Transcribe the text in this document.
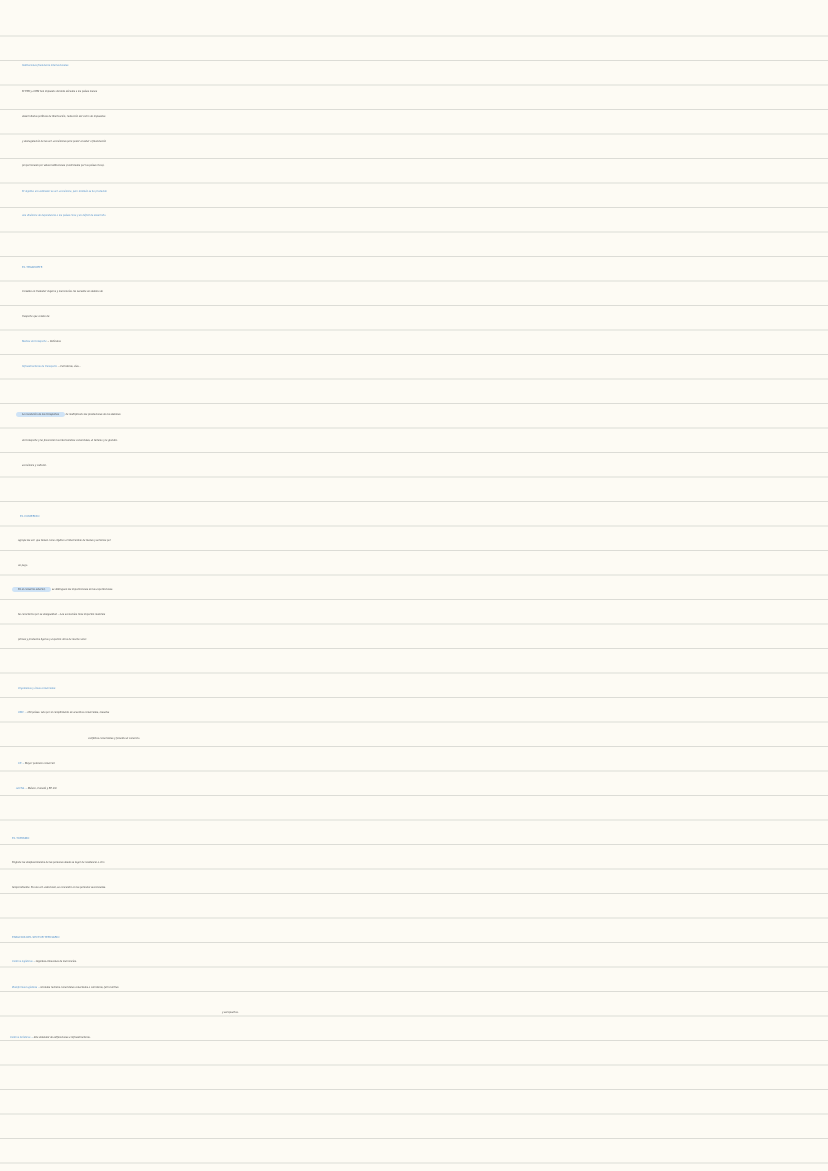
Instituciones financieras internacionales
El FMI y el BM han impuesto durante décadas a los países menos
desarrollados políticas de liberización, reducción del cobro de impuestos
y desregulación de las act. económicas para poder acceder a financiación
proporcionada por estas instituciones (controladas por los países ricos).
El objetivo era estimular su act. económica, pero también se ha producido
una dinámica de dependencia a los países ricos y un déficit de desarrollo.
EL TRASPORTE
Consiste en trasladar viajeros y mercancías. Se necesita un sistema de
trasporte que consta de:
Medios de transporte → Vehículos
Infraestructuras de transporte → Carreteras, vías...
La revolución de los transportes	ha multiplicado las prestaciones de los sistemas
de transporte y ha favorecido los intercambios comerciales, el turismo y la globaliz.
económica y cultural.
EL COMERCIO
Agrupa las act. que tienen como objetivo el intercambio de bienes y servicios por
un pago.
En el comercio exterior,	se distinguen las importaciones de las exportaciones.
Se caracteriza por su desigualdad → Las economías ricas importan materias
primas y productos ligeros y exportan otros de mucho valor.
Organismos y áreas comerciales:
OMC → 160 países. vela por el cumplimiento de acuerdos comerciales, resuelve
conflictos comerciales y fomenta el comercio.
UE → Mayor potencia comercial
ALCNA → México, Canadá y EE.UU.
EL TURISMO
Engloba los desplazamientos de las personas desde su lugar de residencia a otro
temporalmente. Es una act. estacional, se concentra en los periodos vacacionales.
ESPACIOS DEL SECTOR TERCIARIO
Centros logísticos → Gigantes almacenes de mercancías.
Plataformas logísticas → Grandes recintos comerciales conectados a carreteras, ferrocarriles
y aeropuertos.
Centros turísticos → Alta densidad de edificaciones e infraestructuras.
